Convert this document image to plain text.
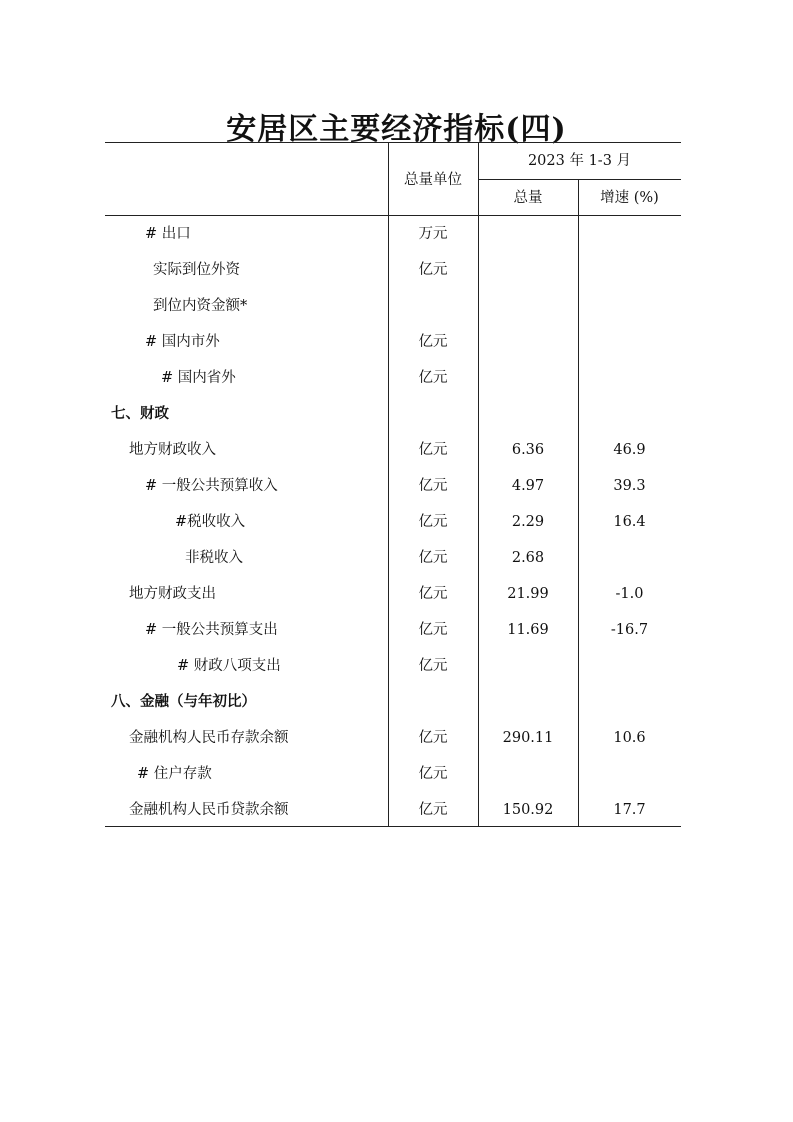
安居区主要经济指标(四)
总量单位
2023 年 1-3 月
总量	增速 (%)
# 出口	万元
实际到位外资	亿元
到位内资金额*
# 国内市外	亿元
# 国内省外	亿元
七、财政
地方财政收入	亿元	6.36	46.9
# 一般公共预算收入	亿元	4.97	39.3
#税收收入	亿元	2.29	16.4
非税收入	亿元	2.68
地方财政支出	亿元	21.99	-1.0
# 一般公共预算支出	亿元	11.69	-16.7
# 财政八项支出	亿元
八、金融（与年初比）
金融机构人民币存款余额	亿元	290.11	10.6
# 住户存款	亿元
金融机构人民币贷款余额	亿元	150.92	17.7
